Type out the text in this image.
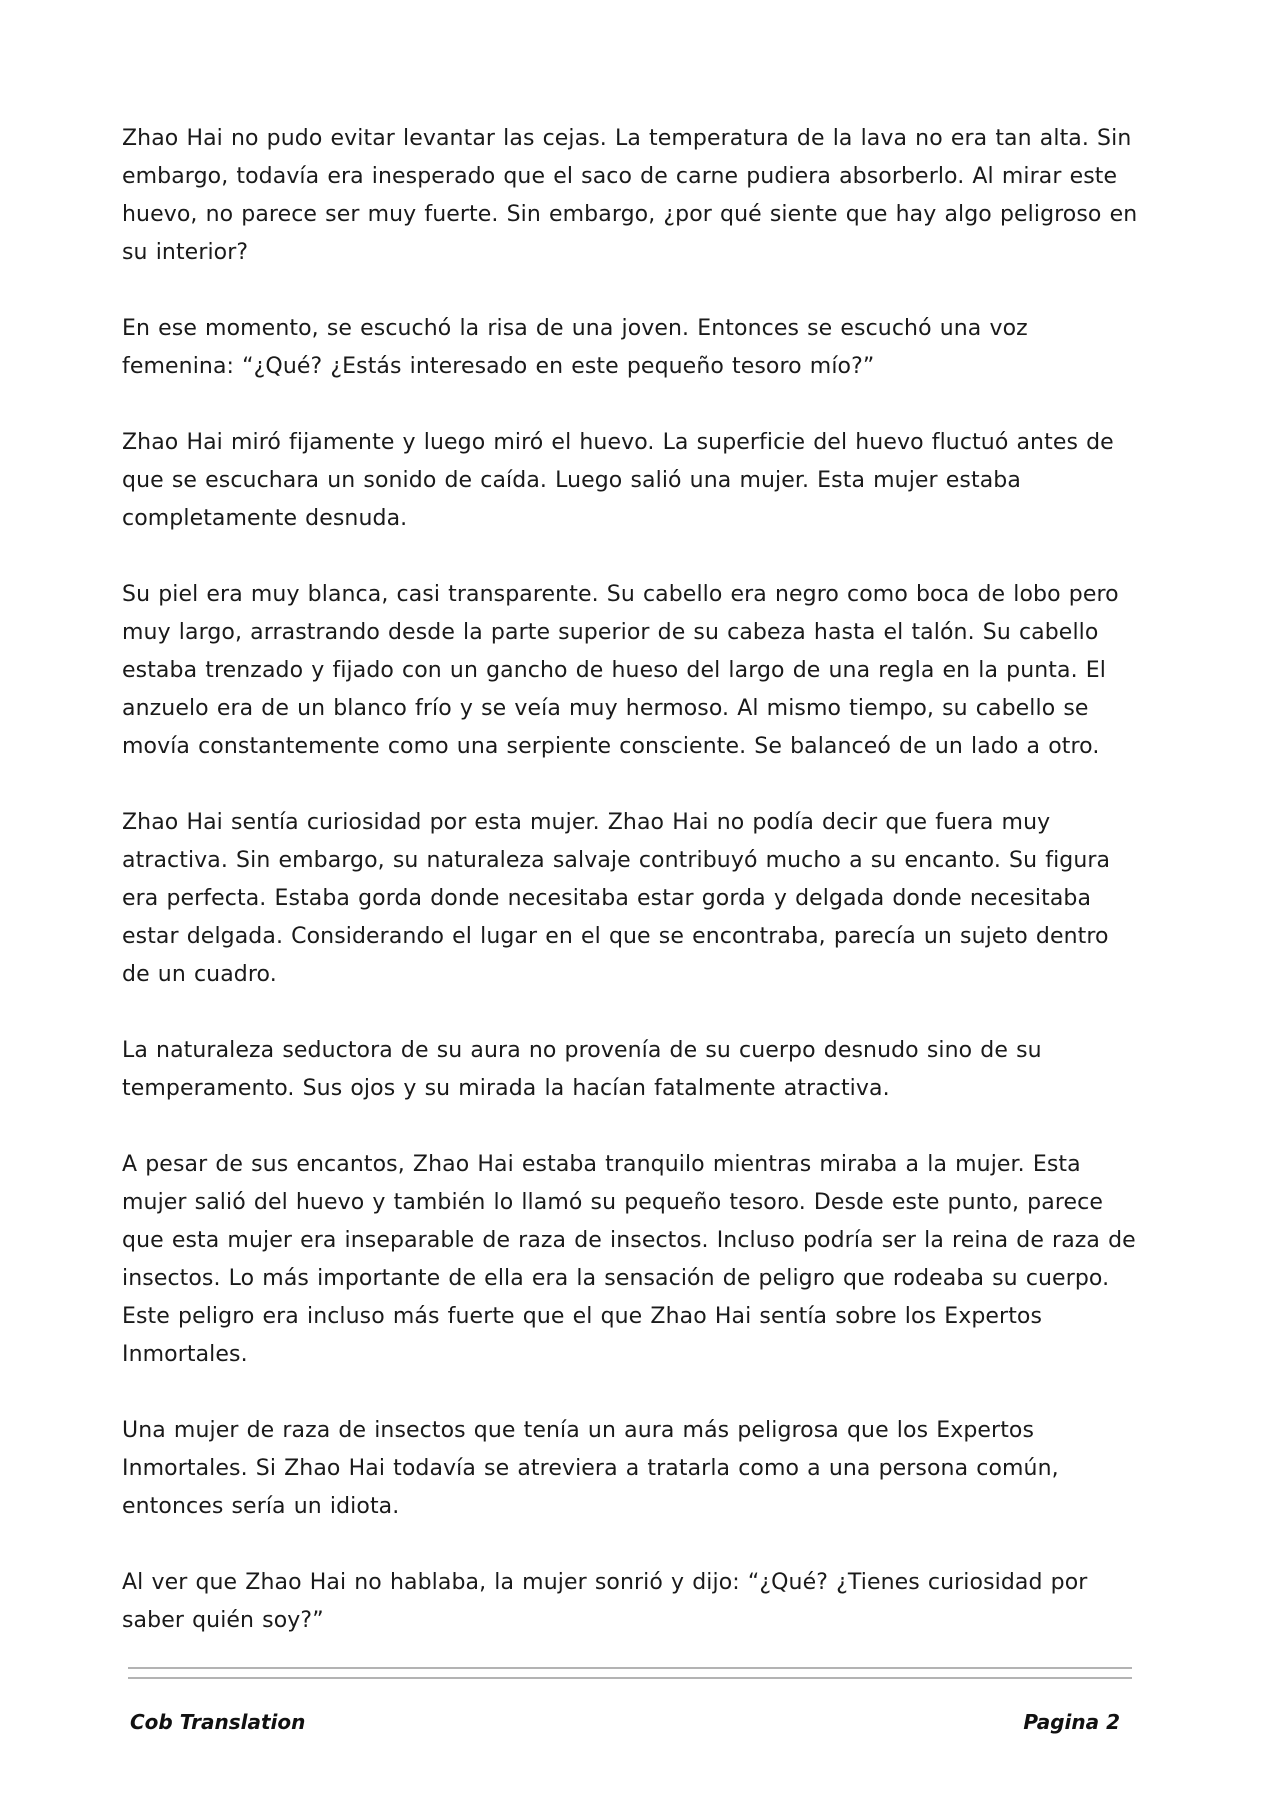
Zhao Hai no pudo evitar levantar las cejas. La temperatura de la lava no era tan alta. Sin embargo, todavía era inesperado que el saco de carne pudiera absorberlo. Al mirar este huevo, no parece ser muy fuerte. Sin embargo, ¿por qué siente que hay algo peligroso en su interior?

En ese momento, se escuchó la risa de una joven. Entonces se escuchó una voz femenina: “¿Qué? ¿Estás interesado en este pequeño tesoro mío?”

Zhao Hai miró fijamente y luego miró el huevo. La superficie del huevo fluctuó antes de que se escuchara un sonido de caída. Luego salió una mujer. Esta mujer estaba completamente desnuda.

Su piel era muy blanca, casi transparente. Su cabello era negro como boca de lobo pero muy largo, arrastrando desde la parte superior de su cabeza hasta el talón. Su cabello estaba trenzado y fijado con un gancho de hueso del largo de una regla en la punta. El anzuelo era de un blanco frío y se veía muy hermoso. Al mismo tiempo, su cabello se movía constantemente como una serpiente consciente. Se balanceó de un lado a otro.

Zhao Hai sentía curiosidad por esta mujer. Zhao Hai no podía decir que fuera muy atractiva. Sin embargo, su naturaleza salvaje contribuyó mucho a su encanto. Su figura era perfecta. Estaba gorda donde necesitaba estar gorda y delgada donde necesitaba estar delgada. Considerando el lugar en el que se encontraba, parecía un sujeto dentro de un cuadro.

La naturaleza seductora de su aura no provenía de su cuerpo desnudo sino de su temperamento. Sus ojos y su mirada la hacían fatalmente atractiva.

A pesar de sus encantos, Zhao Hai estaba tranquilo mientras miraba a la mujer. Esta mujer salió del huevo y también lo llamó su pequeño tesoro. Desde este punto, parece que esta mujer era inseparable de raza de insectos. Incluso podría ser la reina de raza de insectos. Lo más importante de ella era la sensación de peligro que rodeaba su cuerpo. Este peligro era incluso más fuerte que el que Zhao Hai sentía sobre los Expertos Inmortales.

Una mujer de raza de insectos que tenía un aura más peligrosa que los Expertos Inmortales. Si Zhao Hai todavía se atreviera a tratarla como a una persona común, entonces sería un idiota.

Al ver que Zhao Hai no hablaba, la mujer sonrió y dijo: “¿Qué? ¿Tienes curiosidad por saber quién soy?”

Cob Translation	Pagina 2
